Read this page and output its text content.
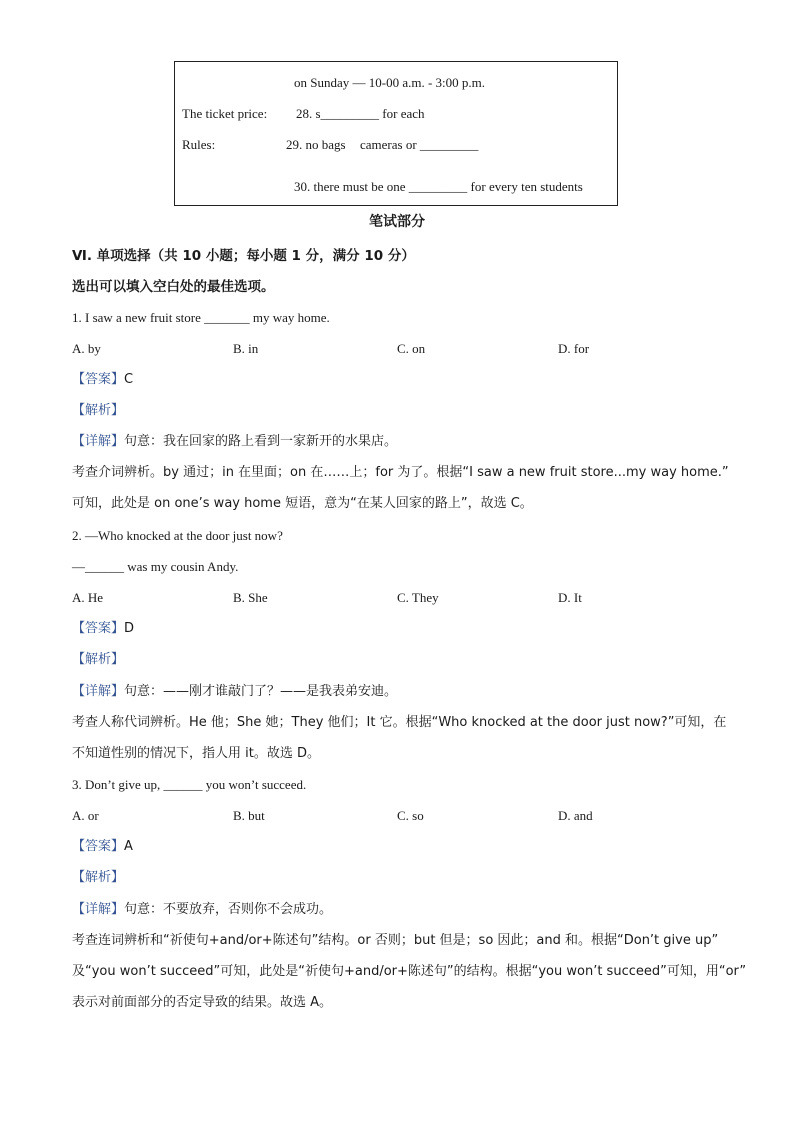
on Sunday — 10-00 a.m. - 3:00 p.m.
The ticket price: 28. s_________ for each
Rules:	29. no bags cameras or _________
30. there must be one _________ for every ten students
笔试部分
Ⅵ. 单项选择（共 10 小题；每小题 1 分，满分 10 分）
选出可以填入空白处的最佳选项。
1. I saw a new fruit store _______ my way home.
A. by	B. in	C. on	D. for
【答案】C
【解析】
【详解】句意：我在回家的路上看到一家新开的水果店。
考查介词辨析。by 通过；in 在里面；on 在……上；for 为了。根据“I saw a new fruit store...my way home.”
可知，此处是 on one’s way home 短语，意为“在某人回家的路上”，故选 C。
2. —Who knocked at the door just now?
—______ was my cousin Andy.
A. He	B. She	C. They	D. It
【答案】D
【解析】
【详解】句意：——刚才谁敲门了？——是我表弟安迪。
考查人称代词辨析。He 他；She 她；They 他们；It 它。根据“Who knocked at the door just now?”可知，在
不知道性别的情况下，指人用 it。故选 D。
3. Don’t give up, ______ you won’t succeed.
A. or	B. but	C. so	D. and
【答案】A
【解析】
【详解】句意：不要放弃，否则你不会成功。
考查连词辨析和“祈使句+and/or+陈述句”结构。or 否则；but 但是；so 因此；and 和。根据“Don’t give up”
及“you won’t succeed”可知，此处是“祈使句+and/or+陈述句”的结构。根据“you won’t succeed”可知，用“or”
表示对前面部分的否定导致的结果。故选 A。
